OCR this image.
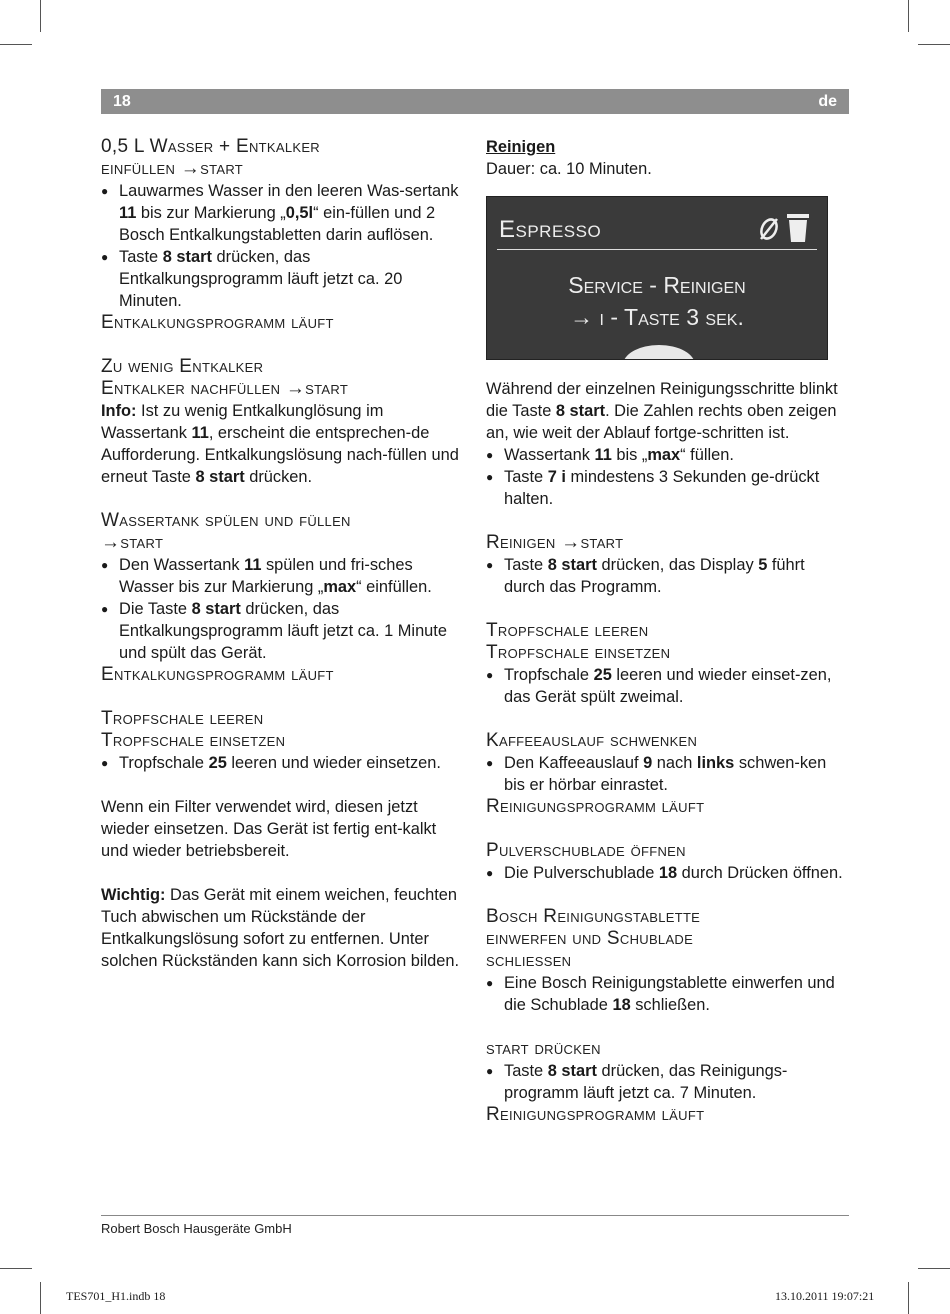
18	de
0,5 L Wasser + Entkalker
einfüllen →start
● Lauwarmes Wasser in den leeren Was-sertank 11 bis zur Markierung „0,5l“ ein-füllen und 2 Bosch Entkalkungstabletten darin auflösen.
● Taste 8 start drücken, das Entkalkungsprogramm läuft jetzt ca. 20 Minuten.
Entkalkungsprogramm läuft
Zu wenig Entkalker
Entkalker nachfüllen →start

Info: Ist zu wenig Entkalkunglösung im Wassertank 11, erscheint die entsprechen-de Aufforderung. Entkalkungslösung nach-füllen und erneut Taste 8 start drücken.

Wassertank spülen und füllen
→start
● Den Wassertank 11 spülen und fri-sches Wasser bis zur Markierung „max“ einfüllen.
● Die Taste 8 start drücken, das Entkalkungsprogramm läuft jetzt ca. 1 Minute und spült das Gerät.
Entkalkungsprogramm läuft
Tropfschale leeren
Tropfschale einsetzen
● Tropfschale 25 leeren und wieder einsetzen.

Wenn ein Filter verwendet wird, diesen jetzt wieder einsetzen. Das Gerät ist fertig ent-kalkt und wieder betriebsbereit.

Wichtig: Das Gerät mit einem weichen, feuchten Tuch abwischen um Rückstände der Entkalkungslösung sofort zu entfernen. Unter solchen Rückständen kann sich Korrosion bilden.

Reinigen
Dauer: ca. 10 Minuten.
Espresso
Service - Reinigen
→ i - Taste 3 sek.

Während der einzelnen Reinigungsschritte blinkt die Taste 8 start. Die Zahlen rechts oben zeigen an, wie weit der Ablauf fortge-schritten ist.

● Wassertank 11 bis „max“ füllen.
● Taste 7 i mindestens 3 Sekunden ge-drückt halten.
Reinigen →start
● Taste 8 start drücken, das Display 5 führt durch das Programm.
Tropfschale leeren
Tropfschale einsetzen
● Tropfschale 25 leeren und wieder einset-zen, das Gerät spült zweimal.
Kaffeeauslauf schwenken
● Den Kaffeeauslauf 9 nach links schwen-ken bis er hörbar einrastet.
Reinigungsprogramm läuft
Pulverschublade öffnen
● Die Pulverschublade 18 durch Drücken öffnen.
Bosch Reinigungstablette
einwerfen und Schublade
schliessen
● Eine Bosch Reinigungstablette einwerfen und die Schublade 18 schließen.
start drücken
● Taste 8 start drücken, das Reinigungs-programm läuft jetzt ca. 7 Minuten.
Reinigungsprogramm läuft
Robert Bosch Hausgeräte GmbH
TES701_H1.indb 18	13.10.2011 19:07:21
